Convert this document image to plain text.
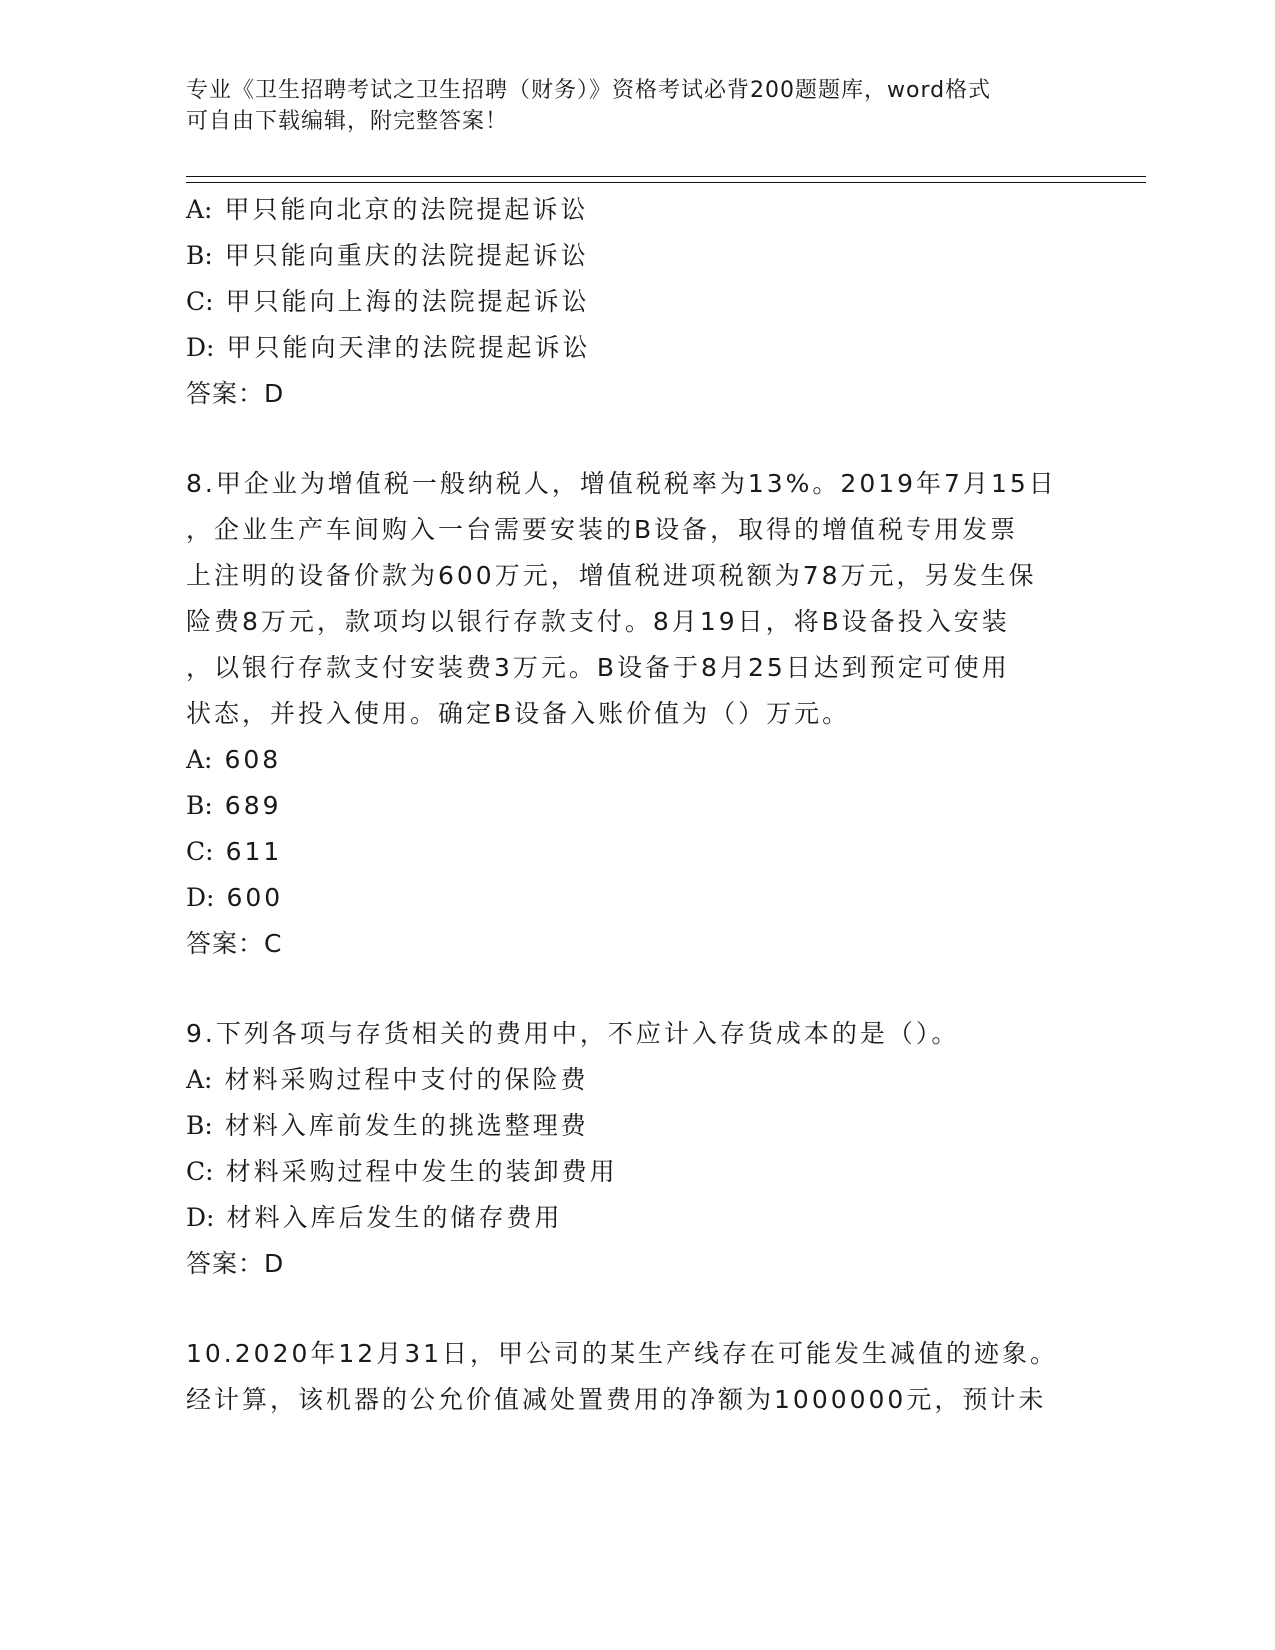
专业《卫生招聘考试之卫生招聘（财务）》资格考试必背200题题库，word格式
可自由下载编辑，附完整答案！
A: 甲只能向北京的法院提起诉讼
B: 甲只能向重庆的法院提起诉讼
C: 甲只能向上海的法院提起诉讼
D: 甲只能向天津的法院提起诉讼
答案：D
8.甲企业为增值税一般纳税人，增值税税率为13%。2019年7月15日
，企业生产车间购入一台需要安装的B设备，取得的增值税专用发票
上注明的设备价款为600万元，增值税进项税额为78万元，另发生保
险费8万元，款项均以银行存款支付。8月19日，将B设备投入安装
，以银行存款支付安装费3万元。B设备于8月25日达到预定可使用
状态，并投入使用。确定B设备入账价值为（）万元。
A: 608
B: 689
C: 611
D: 600
答案：C
9.下列各项与存货相关的费用中，不应计入存货成本的是（）。
A: 材料采购过程中支付的保险费
B: 材料入库前发生的挑选整理费
C: 材料采购过程中发生的装卸费用
D: 材料入库后发生的储存费用
答案：D
10.2020年12月31日，甲公司的某生产线存在可能发生减值的迹象。
经计算，该机器的公允价值减处置费用的净额为1000000元，预计未
